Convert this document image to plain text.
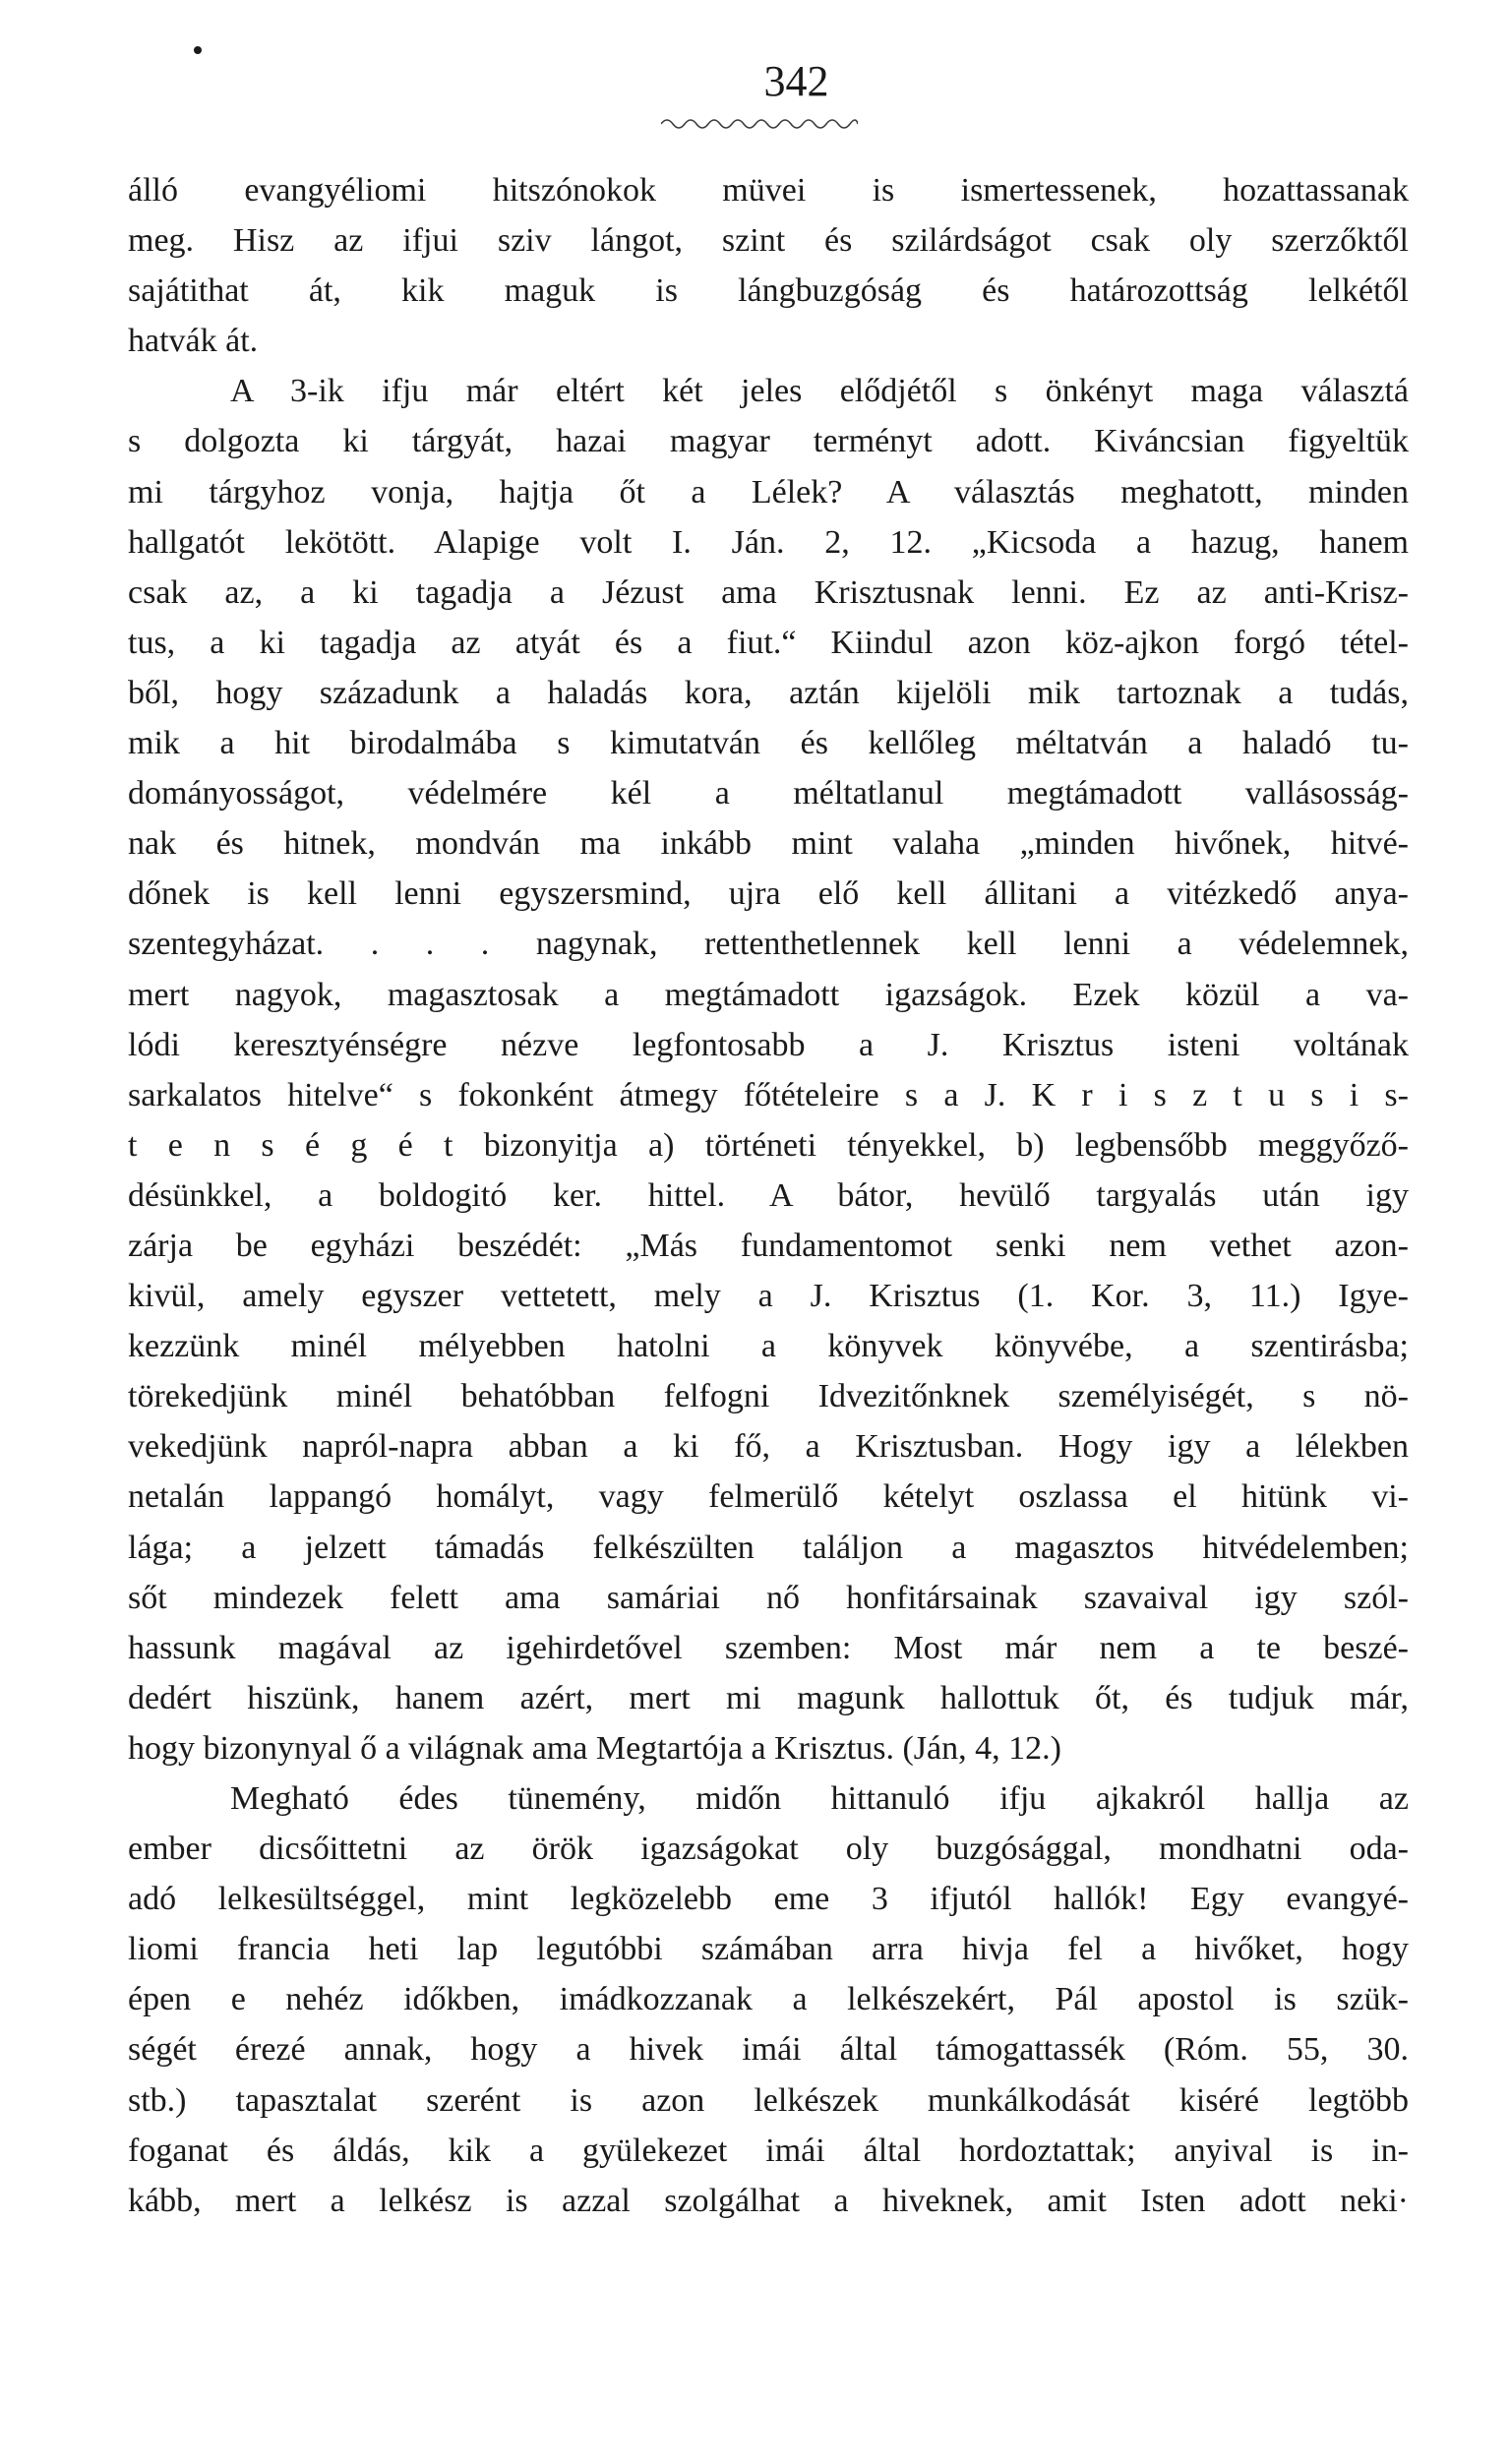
342
álló evangyéliomi hitszónokok müvei is ismertessenek, hozattassanak
meg. Hisz az ifjui sziv lángot, szint és szilárdságot csak oly szerzőktől
sajátithat át, kik maguk is lángbuzgóság és határozottság lelkétől
hatvák át.
A 3-ik ifju már eltért két jeles elődjétől s önkényt maga választá
s dolgozta ki tárgyát, hazai magyar terményt adott. Kiváncsian figyeltük
mi tárgyhoz vonja, hajtja őt a Lélek? A választás meghatott, minden
hallgatót lekötött. Alapige volt I. Ján. 2, 12. „Kicsoda a hazug, hanem
csak az, a ki tagadja a Jézust ama Krisztusnak lenni. Ez az anti-Krisz-
tus, a ki tagadja az atyát és a fiut.“ Kiindul azon köz-ajkon forgó tétel-
ből, hogy századunk a haladás kora, aztán kijelöli mik tartoznak a tudás,
mik a hit birodalmába s kimutatván és kellőleg méltatván a haladó tu-
dományosságot, védelmére kél a méltatlanul megtámadott vallásosság-
nak és hitnek, mondván ma inkább mint valaha „minden hivőnek, hitvé-
dőnek is kell lenni egyszersmind, ujra elő kell állitani a vitézkedő anya-
szentegyházat. . . . nagynak, rettenthetlennek kell lenni a védelemnek,
mert nagyok, magasztosak a megtámadott igazságok. Ezek közül a va-
lódi keresztyénségre nézve legfontosabb a J. Krisztus isteni voltának
sarkalatos hitelve“ s fokonként átmegy főtételeire s a J. K r i s z t u s i s-
t e n s é g é t bizonyitja a) történeti tényekkel, b) legbensőbb meggyőző-
désünkkel, a boldogitó ker. hittel. A bátor, hevülő targyalás után igy
zárja be egyházi beszédét: „Más fundamentomot senki nem vethet azon-
kivül, amely egyszer vettetett, mely a J. Krisztus (1. Kor. 3, 11.) Igye-
kezzünk minél mélyebben hatolni a könyvek könyvébe, a szentirásba;
törekedjünk minél behatóbban felfogni Idvezitőnknek személyiségét, s nö-
vekedjünk napról-napra abban a ki fő, a Krisztusban. Hogy igy a lélekben
netalán lappangó homályt, vagy felmerülő kételyt oszlassa el hitünk vi-
lága; a jelzett támadás felkészülten találjon a magasztos hitvédelemben;
sőt mindezek felett ama samáriai nő honfitársainak szavaival igy szól-
hassunk magával az igehirdetővel szemben: Most már nem a te beszé-
dedért hiszünk, hanem azért, mert mi magunk hallottuk őt, és tudjuk már,
hogy bizonynyal ő a világnak ama Megtartója a Krisztus. (Ján, 4, 12.)
Megható édes tünemény, midőn hittanuló ifju ajkakról hallja az
ember dicsőittetni az örök igazságokat oly buzgósággal, mondhatni oda-
adó lelkesültséggel, mint legközelebb eme 3 ifjutól hallók! Egy evangyé-
liomi francia heti lap legutóbbi számában arra hivja fel a hivőket, hogy
épen e nehéz időkben, imádkozzanak a lelkészekért, Pál apostol is szük-
ségét érezé annak, hogy a hivek imái által támogattassék (Róm. 55, 30.
stb.) tapasztalat szerént is azon lelkészek munkálkodását kiséré legtöbb
foganat és áldás, kik a gyülekezet imái által hordoztattak; anyival is in-
kább, mert a lelkész is azzal szolgálhat a hiveknek, amit Isten adott neki·
